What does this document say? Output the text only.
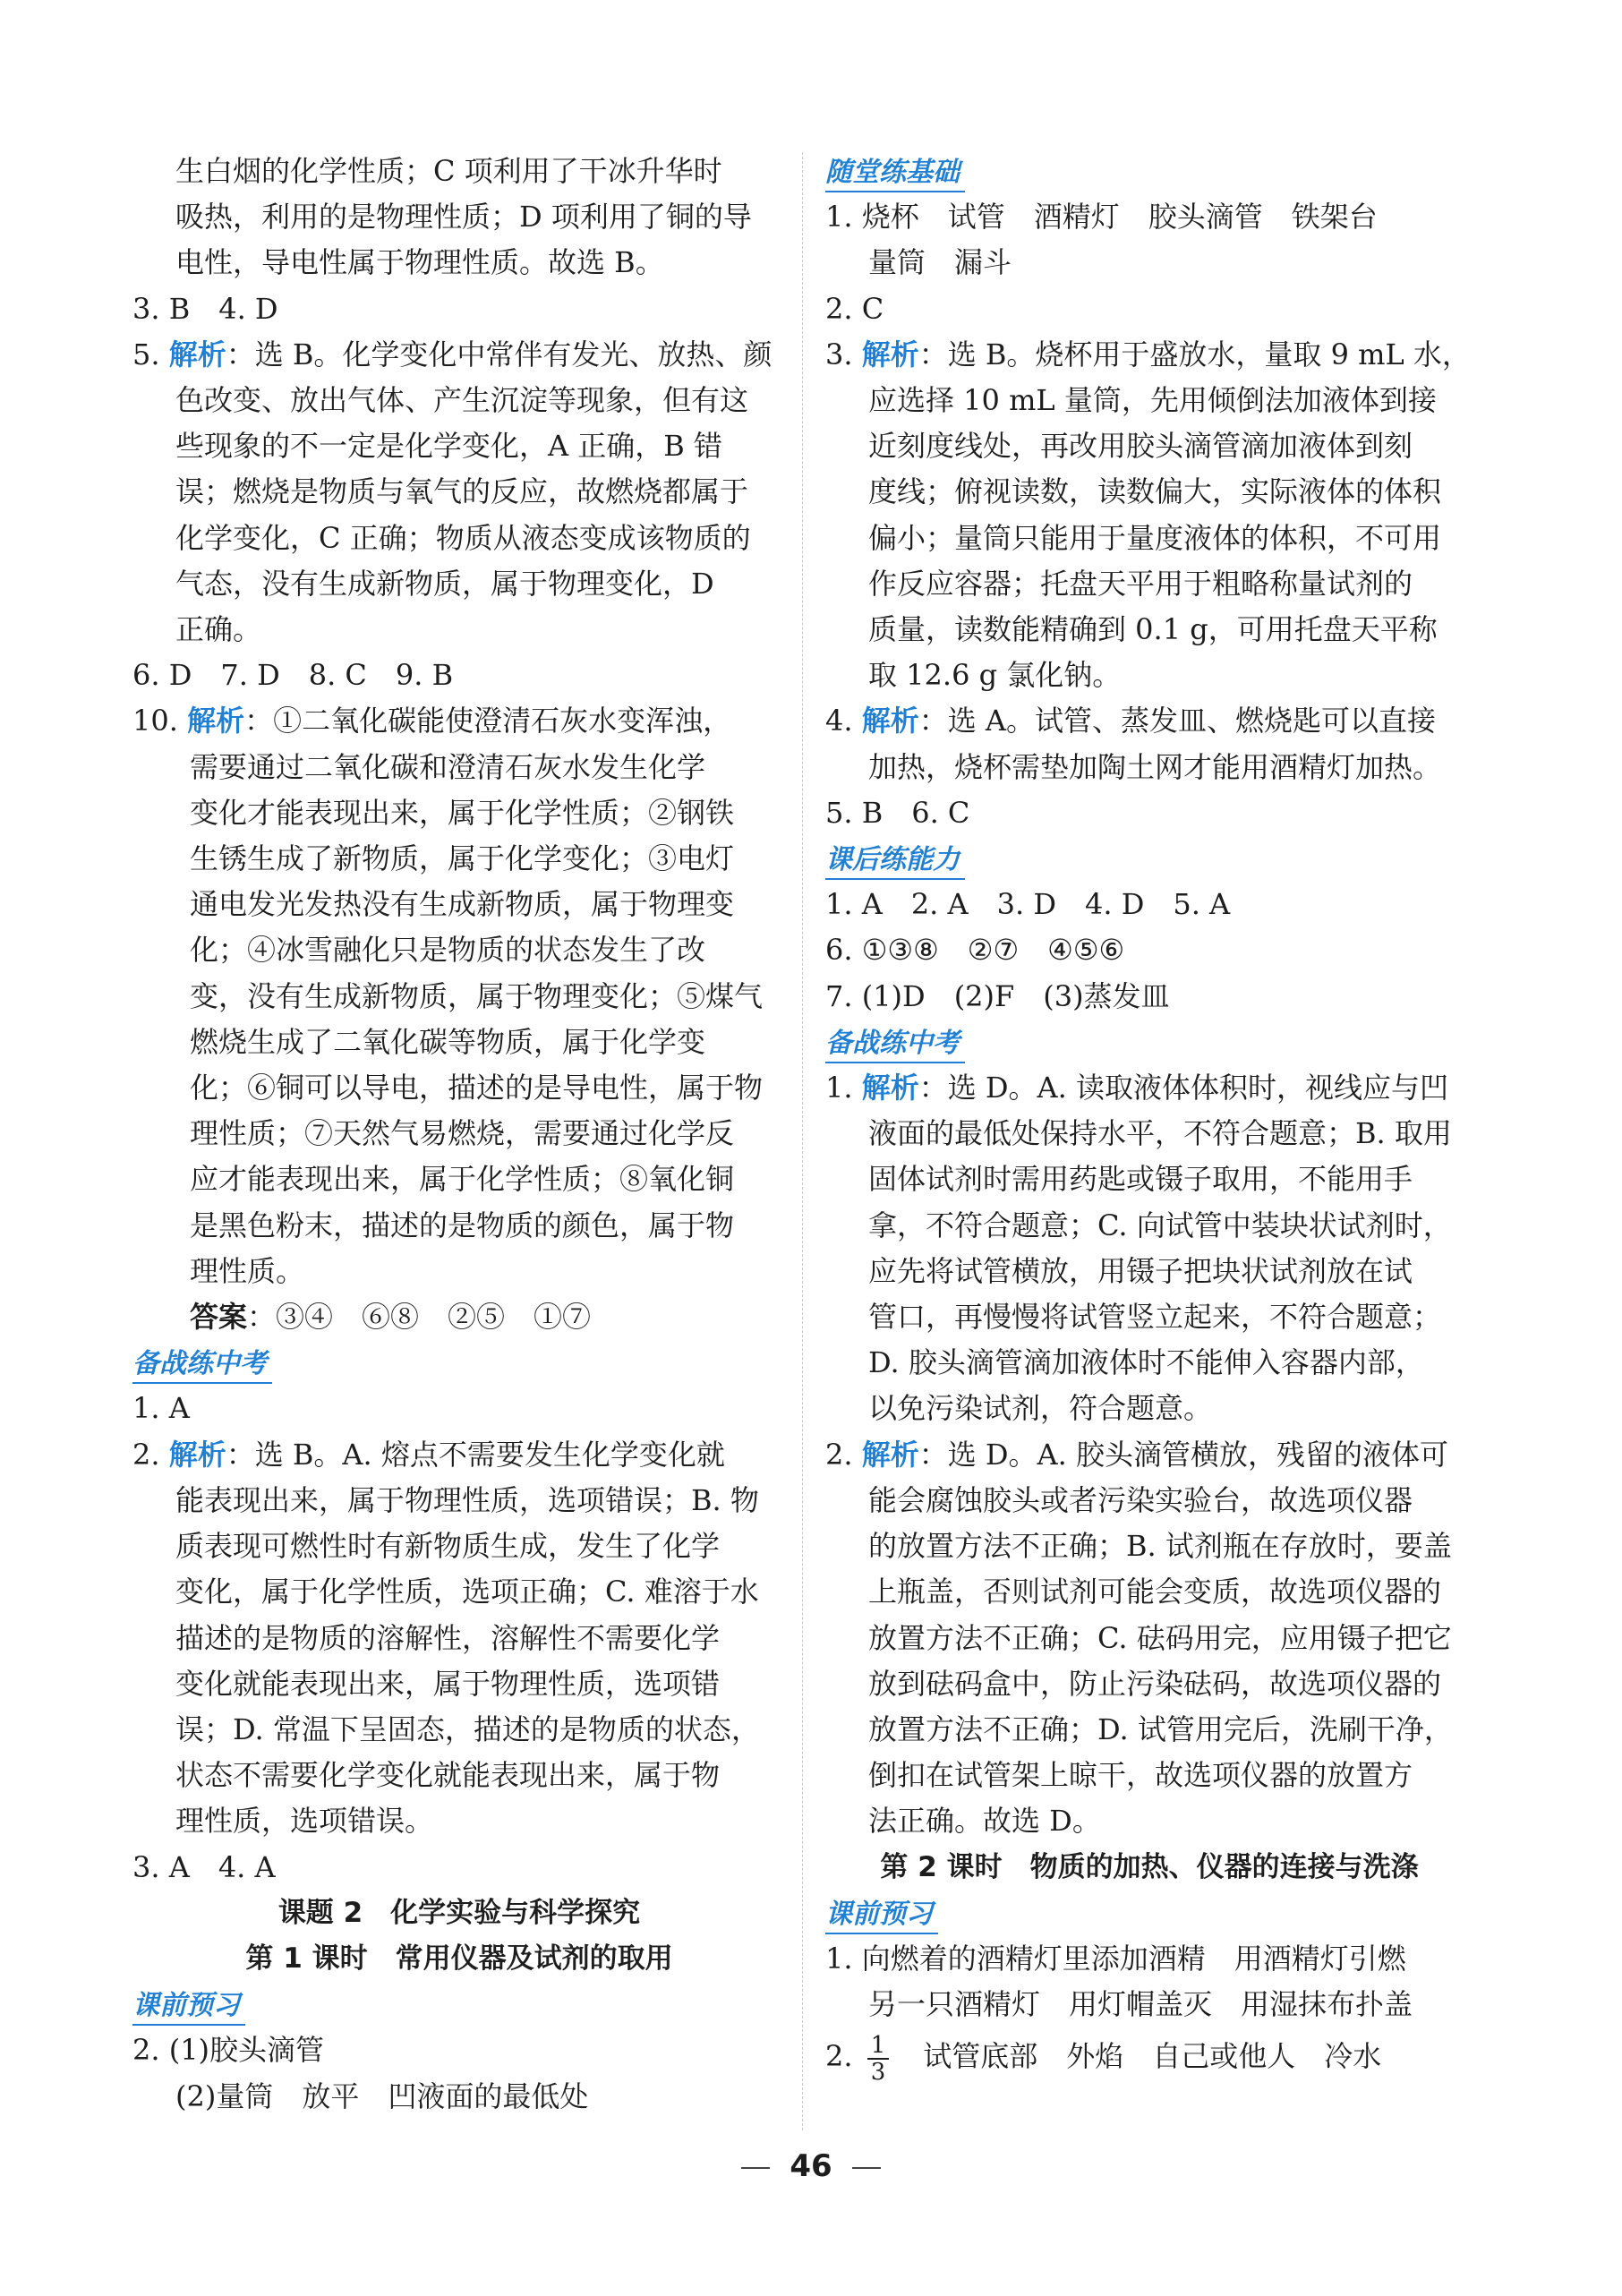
生白烟的化学性质；C 项利用了干冰升华时
吸热，利用的是物理性质；D 项利用了铜的导
电性，导电性属于物理性质。故选 B。
3. B　4. D
5. 解析：选 B。化学变化中常伴有发光、放热、颜
色改变、放出气体、产生沉淀等现象，但有这
些现象的不一定是化学变化，A 正确，B 错
误；燃烧是物质与氧气的反应，故燃烧都属于
化学变化，C 正确；物质从液态变成该物质的
气态，没有生成新物质，属于物理变化，D
正确。
6. D　7. D　8. C　9. B
10. 解析：①二氧化碳能使澄清石灰水变浑浊，
需要通过二氧化碳和澄清石灰水发生化学
变化才能表现出来，属于化学性质；②钢铁
生锈生成了新物质，属于化学变化；③电灯
通电发光发热没有生成新物质，属于物理变
化；④冰雪融化只是物质的状态发生了改
变，没有生成新物质，属于物理变化；⑤煤气
燃烧生成了二氧化碳等物质，属于化学变
化；⑥铜可以导电，描述的是导电性，属于物
理性质；⑦天然气易燃烧，需要通过化学反
应才能表现出来，属于化学性质；⑧氧化铜
是黑色粉末，描述的是物质的颜色，属于物
理性质。
答案：③④　⑥⑧　②⑤　①⑦
备战练中考
1. A
2. 解析：选 B。A. 熔点不需要发生化学变化就
能表现出来，属于物理性质，选项错误；B. 物
质表现可燃性时有新物质生成，发生了化学
变化，属于化学性质，选项正确；C. 难溶于水
描述的是物质的溶解性，溶解性不需要化学
变化就能表现出来，属于物理性质，选项错
误；D. 常温下呈固态，描述的是物质的状态，
状态不需要化学变化就能表现出来，属于物
理性质，选项错误。
3. A　4. A
课题 2　化学实验与科学探究
第 1 课时　常用仪器及试剂的取用
课前预习
2. (1)胶头滴管
(2)量筒　放平　凹液面的最低处
随堂练基础
1. 烧杯　试管　酒精灯　胶头滴管　铁架台
量筒　漏斗
2. C
3. 解析：选 B。烧杯用于盛放水，量取 9 mL 水，
应选择 10 mL 量筒，先用倾倒法加液体到接
近刻度线处，再改用胶头滴管滴加液体到刻
度线；俯视读数，读数偏大，实际液体的体积
偏小；量筒只能用于量度液体的体积，不可用
作反应容器；托盘天平用于粗略称量试剂的
质量，读数能精确到 0.1 g，可用托盘天平称
取 12.6 g 氯化钠。
4. 解析：选 A。试管、蒸发皿、燃烧匙可以直接
加热，烧杯需垫加陶土网才能用酒精灯加热。
5. B　6. C
课后练能力
1. A　2. A　3. D　4. D　5. A
6. ①③⑧　②⑦　④⑤⑥
7. (1)D　(2)F　(3)蒸发皿
备战练中考
1. 解析：选 D。A. 读取液体体积时，视线应与凹
液面的最低处保持水平，不符合题意；B. 取用
固体试剂时需用药匙或镊子取用，不能用手
拿，不符合题意；C. 向试管中装块状试剂时，
应先将试管横放，用镊子把块状试剂放在试
管口，再慢慢将试管竖立起来，不符合题意；
D. 胶头滴管滴加液体时不能伸入容器内部，
以免污染试剂，符合题意。
2. 解析：选 D。A. 胶头滴管横放，残留的液体可
能会腐蚀胶头或者污染实验台，故选项仪器
的放置方法不正确；B. 试剂瓶在存放时，要盖
上瓶盖，否则试剂可能会变质，故选项仪器的
放置方法不正确；C. 砝码用完，应用镊子把它
放到砝码盒中，防止污染砝码，故选项仪器的
放置方法不正确；D. 试管用完后，洗刷干净，
倒扣在试管架上晾干，故选项仪器的放置方
法正确。故选 D。
第 2 课时　物质的加热、仪器的连接与洗涤
课前预习
1. 向燃着的酒精灯里添加酒精　用酒精灯引燃
另一只酒精灯　用灯帽盖灭　用湿抹布扑盖
2. $\frac{1}{3}$ 　试管底部　外焰　自己或他人　冷水
46
